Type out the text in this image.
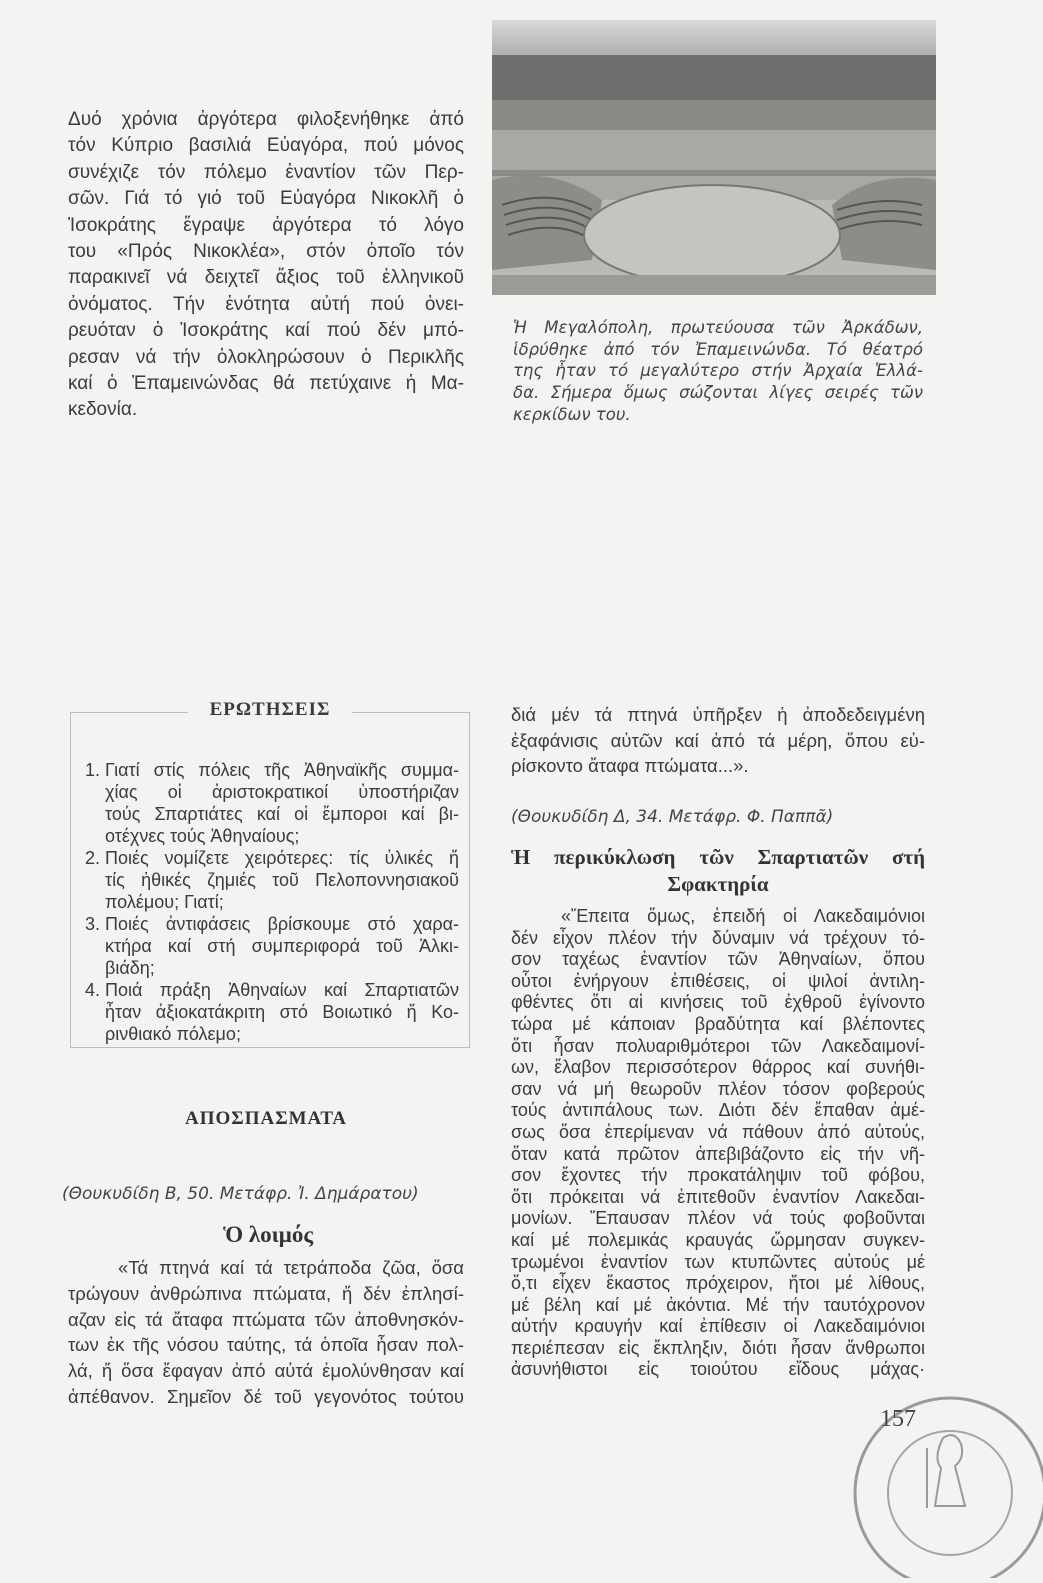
Δυό χρόνια ἀργότερα φιλοξενήθηκε ἀπό
τόν Κύπριο βασιλιά Εὐαγόρα, πού μόνος
συνέχιζε τόν πόλεμο ἐναντίον τῶν Περ-
σῶν. Γιά τό γιό τοῦ Εὐαγόρα Νικοκλῆ ὁ
Ἰσοκράτης ἔγραψε ἀργότερα τό λόγο
του «Πρός Νικοκλέα», στόν ὁποῖο τόν
παρακινεῖ νά δειχτεῖ ἄξιος τοῦ ἑλληνικοῦ
ὀνόματος. Τήν ἑνότητα αὐτή πού ὀνει-
ρευόταν ὁ Ἰσοκράτης καί πού δέν μπό-
ρεσαν νά τήν ὁλοκληρώσουν ὁ Περικλῆς
καί ὁ Ἐπαμεινώνδας θά πετύχαινε ἡ Μα-
κεδονία.
Ἡ Μεγαλόπολη, πρωτεύουσα τῶν Ἀρκάδων,
ἱδρύθηκε ἀπό τόν Ἐπαμεινώνδα. Τό θέατρό
της ἦταν τό μεγαλύτερο στήν Ἀρχαία Ἑλλά-
δα. Σήμερα ὅμως σώζονται λίγες σειρές τῶν
κερκίδων του.
ΕΡΩΤΗΣΕΙΣ
1. Γιατί στίς πόλεις τῆς Ἀθηναϊκῆς συμμα-
χίας οἱ ἀριστοκρατικοί ὑποστήριζαν
τούς Σπαρτιάτες καί οἱ ἔμποροι καί βι-
οτέχνες τούς Ἀθηναίους;
2. Ποιές νομίζετε χειρότερες: τίς ὑλικές ἤ
τίς ἠθικές ζημιές τοῦ Πελοποννησιακοῦ
πολέμου; Γιατί;
3. Ποιές ἀντιφάσεις βρίσκουμε στό χαρα-
κτήρα καί στή συμπεριφορά τοῦ Ἀλκι-
βιάδη;
4. Ποιά πράξη Ἀθηναίων καί Σπαρτιατῶν
ἦταν ἀξιοκατάκριτη στό Βοιωτικό ἤ Κο-
ρινθιακό πόλεμο;
ΑΠΟΣΠΑΣΜΑΤΑ
(Θουκυδίδη Β, 50. Μετάφρ. Ἰ. Δημάρατου)
Ὁ λοιμός
«Τά πτηνά καί τά τετράποδα ζῶα, ὅσα
τρώγουν ἀνθρώπινα πτώματα, ἤ δέν ἐπλησί-
αζαν εἰς τά ἄταφα πτώματα τῶν ἀποθνησκόν-
των ἐκ τῆς νόσου ταύτης, τά ὁποῖα ἦσαν πολ-
λά, ἤ ὅσα ἔφαγαν ἀπό αὐτά ἐμολύνθησαν καί
ἀπέθανον. Σημεῖον δέ τοῦ γεγονότος τούτου
διά μέν τά πτηνά ὑπῆρξεν ἡ ἀποδεδειγμένη
ἐξαφάνισις αὐτῶν καί ἀπό τά μέρη, ὅπου εὑ-
ρίσκοντο ἄταφα πτώματα...».
(Θουκυδίδη Δ, 34. Μετάφρ. Φ. Παππᾶ)
Ἡ περικύκλωση τῶν Σπαρτιατῶν στή
Σφακτηρία
«Ἔπειτα ὅμως, ἐπειδή οἱ Λακεδαιμόνιοι
δέν εἶχον πλέον τήν δύναμιν νά τρέχουν τό-
σον ταχέως ἐναντίον τῶν Ἀθηναίων, ὅπου
οὗτοι ἐνήργουν ἐπιθέσεις, οἱ ψιλοί ἀντιλη-
φθέντες ὅτι αἱ κινήσεις τοῦ ἐχθροῦ ἐγίνοντο
τώρα μέ κάποιαν βραδύτητα καί βλέποντες
ὅτι ἦσαν πολυαριθμότεροι τῶν Λακεδαιμονί-
ων, ἔλαβον περισσότερον θάρρος καί συνήθι-
σαν νά μή θεωροῦν πλέον τόσον φοβερούς
τούς ἀντιπάλους των. Διότι δέν ἔπαθαν ἀμέ-
σως ὅσα ἐπερίμεναν νά πάθουν ἀπό αὐτούς,
ὅταν κατά πρῶτον ἀπεβιβάζοντο εἰς τήν νῆ-
σον ἔχοντες τήν προκατάληψιν τοῦ φόβου,
ὅτι πρόκειται νά ἐπιτεθοῦν ἐναντίον Λακεδαι-
μονίων. Ἔπαυσαν πλέον νά τούς φοβοῦνται
καί μέ πολεμικάς κραυγάς ὥρμησαν συγκεν-
τρωμένοι ἐναντίον των κτυπῶντες αὐτούς μέ
ὅ,τι εἶχεν ἕκαστος πρόχειρον, ἤτοι μέ λίθους,
μέ βέλη καί μέ ἀκόντια. Μέ τήν ταυτόχρονον
αὐτήν κραυγήν καί ἐπίθεσιν οἱ Λακεδαιμόνιοι
περιέπεσαν εἰς ἔκπληξιν, διότι ἦσαν ἄνθρωποι
ἀσυνήθιστοι εἰς τοιούτου εἴδους μάχας·
157
